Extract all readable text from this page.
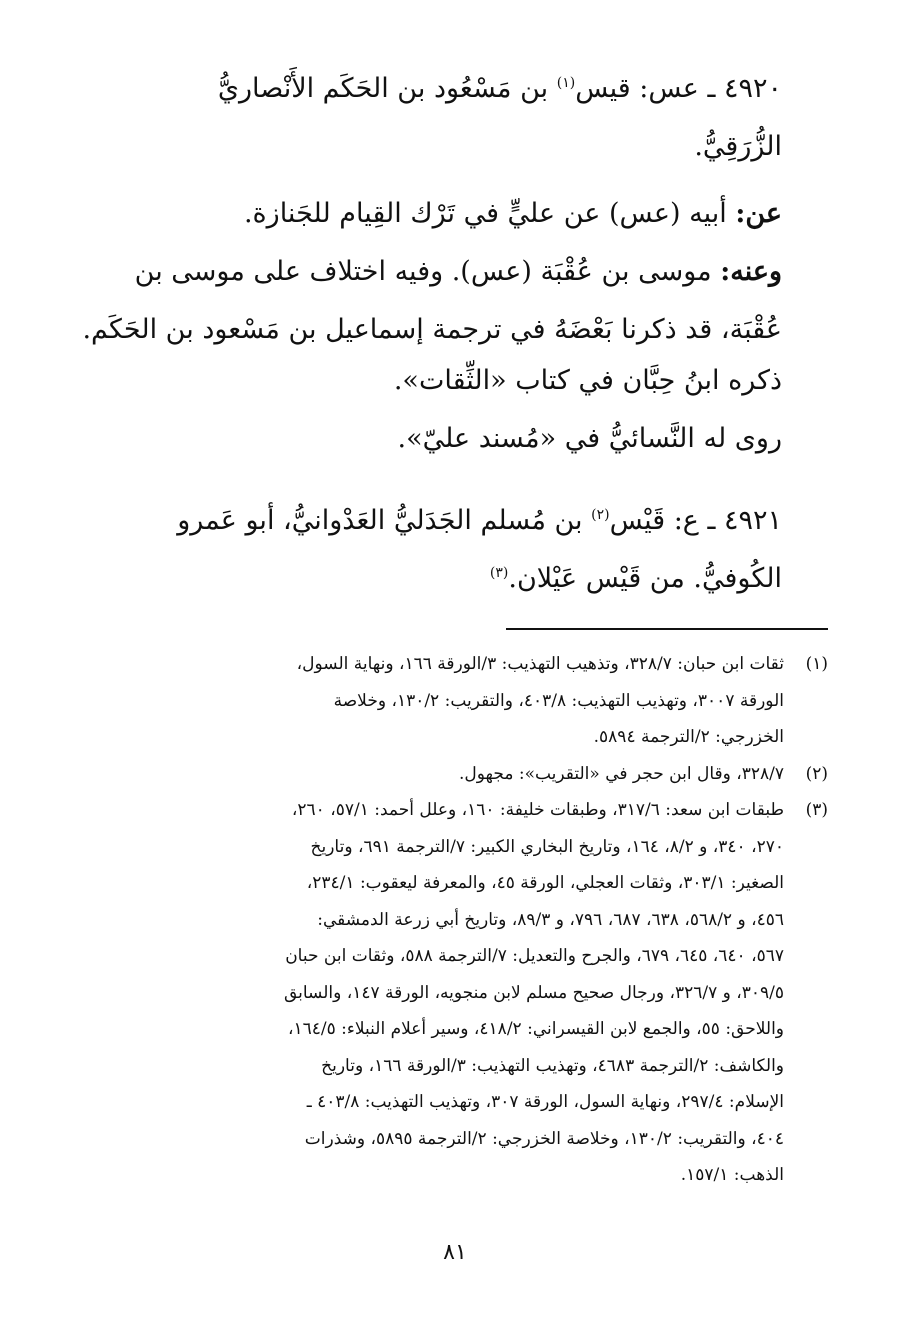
٤٩٢٠ ـ عس: قيس$^{(١)}$ بن مَسْعُود بن الحَكَم الأَنْصاريُّ
الزُّرَقِيُّ.
عن: أبيه (عس) عن عليٍّ في تَرْك القِيام للجَنازة.
وعنه: موسى بن عُقْبَة (عس). وفيه اختلاف على موسى بن
عُقْبَة، قد ذكرنا بَعْضَهُ في ترجمة إسماعيل بن مَسْعود بن الحَكَم.
ذكره ابنُ حِبَّان في كتاب «الثِّقات».
روى له النَّسائيُّ في «مُسند عليّ».
٤٩٢١ ـ ع: قَيْس$^{(٢)}$ بن مُسلم الجَدَليُّ العَدْوانيُّ، أبو عَمرو
الكُوفيُّ. من قَيْس عَيْلان.$^{(٣)}$
(١)
ثقات ابن حبان: ٣٢٨/٧، وتذهيب التهذيب: ٣/الورقة ١٦٦، ونهاية السول،
الورقة ٣٠٠٧، وتهذيب التهذيب: ٤٠٣/٨، والتقريب: ١٣٠/٢، وخلاصة
الخزرجي: ٢/الترجمة ٥٨٩٤.
(٢)
٣٢٨/٧، وقال ابن حجر في «التقريب»: مجهول.
(٣)
طبقات ابن سعد: ٣١٧/٦، وطبقات خليفة: ١٦٠، وعلل أحمد: ٥٧/١، ٢٦٠،
٢٧٠، ٣٤٠، و ٨/٢، ١٦٤، وتاريخ البخاري الكبير: ٧/الترجمة ٦٩١، وتاريخ
الصغير: ٣٠٣/١، وثقات العجلي، الورقة ٤٥، والمعرفة ليعقوب: ٢٣٤/١،
٤٥٦، و ٥٦٨/٢، ٦٣٨، ٦٨٧، ٧٩٦، و ٨٩/٣، وتاريخ أبي زرعة الدمشقي:
٥٦٧، ٦٤٠، ٦٤٥، ٦٧٩، والجرح والتعديل: ٧/الترجمة ٥٨٨، وثقات ابن حبان
٣٠٩/٥، و ٣٢٦/٧، ورجال صحيح مسلم لابن منجويه، الورقة ١٤٧، والسابق
واللاحق: ٥٥، والجمع لابن القيسراني: ٤١٨/٢، وسير أعلام النبلاء: ١٦٤/٥،
والكاشف: ٢/الترجمة ٤٦٨٣، وتهذيب التهذيب: ٣/الورقة ١٦٦، وتاريخ
الإسلام: ٢٩٧/٤، ونهاية السول، الورقة ٣٠٧، وتهذيب التهذيب: ٤٠٣/٨ ـ
٤٠٤، والتقريب: ١٣٠/٢، وخلاصة الخزرجي: ٢/الترجمة ٥٨٩٥، وشذرات
الذهب: ١٥٧/١.
٨١
